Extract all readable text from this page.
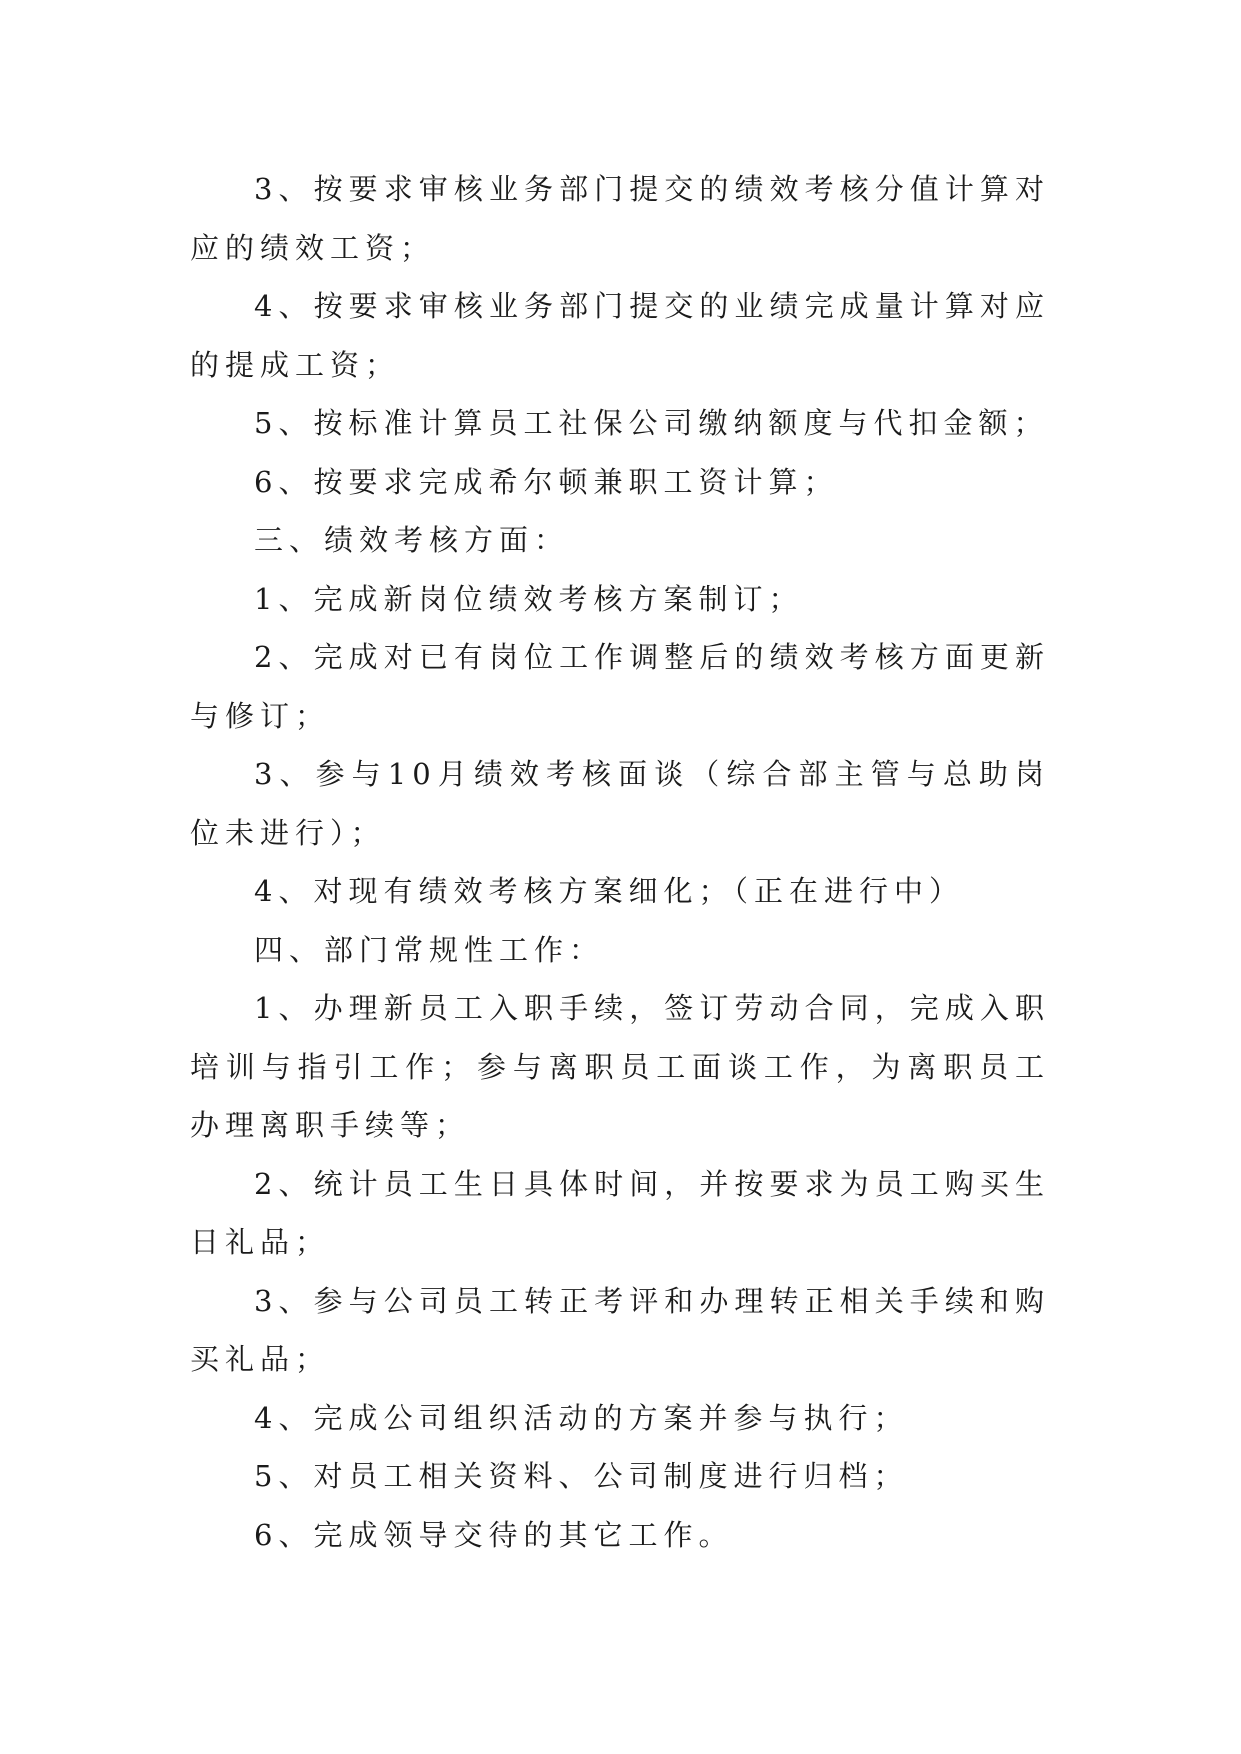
3、按要求审核业务部门提交的绩效考核分值计算对应的绩效工资；

4、按要求审核业务部门提交的业绩完成量计算对应的提成工资；

5、按标准计算员工社保公司缴纳额度与代扣金额；

6、按要求完成希尔顿兼职工资计算；

三、绩效考核方面：

1、完成新岗位绩效考核方案制订；

2、完成对已有岗位工作调整后的绩效考核方面更新与修订；

3、参与10月绩效考核面谈（综合部主管与总助岗位未进行）；

4、对现有绩效考核方案细化；（正在进行中）

四、部门常规性工作：

1、办理新员工入职手续，签订劳动合同，完成入职培训与指引工作；参与离职员工面谈工作，为离职员工办理离职手续等；

2、统计员工生日具体时间，并按要求为员工购买生日礼品；

3、参与公司员工转正考评和办理转正相关手续和购买礼品；

4、完成公司组织活动的方案并参与执行；

5、对员工相关资料、公司制度进行归档；

6、完成领导交待的其它工作。
